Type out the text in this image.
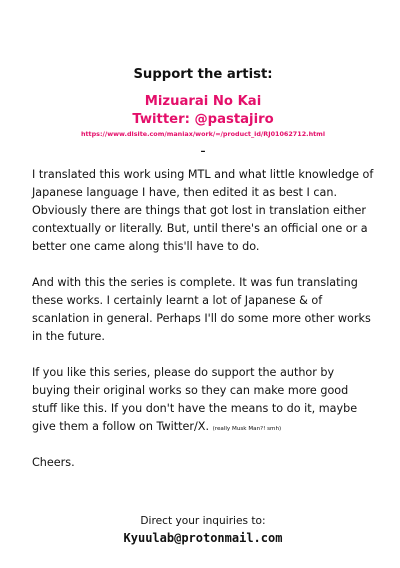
Support the artist:
Mizuarai No Kai
Twitter: @pastajiro
https://www.dlsite.com/maniax/work/=/product_id/RJ01062712.html
–

I translated this work using MTL and what little knowledge of Japanese language I have, then edited it as best I can. Obviously there are things that got lost in translation either contextually or literally. But, until there's an official one or a better one came along this'll have to do.

And with this the series is complete. It was fun translating these works. I certainly learnt a lot of Japanese & of scanlation in general. Perhaps I'll do some more other works in the future.

If you like this series, please do support the author by buying their original works so they can make more good stuff like this. If you don't have the means to do it, maybe give them a follow on Twitter/X. (really Musk Man?! smh)

Cheers.

Direct your inquiries to:
Kyuulab@protonmail.com
